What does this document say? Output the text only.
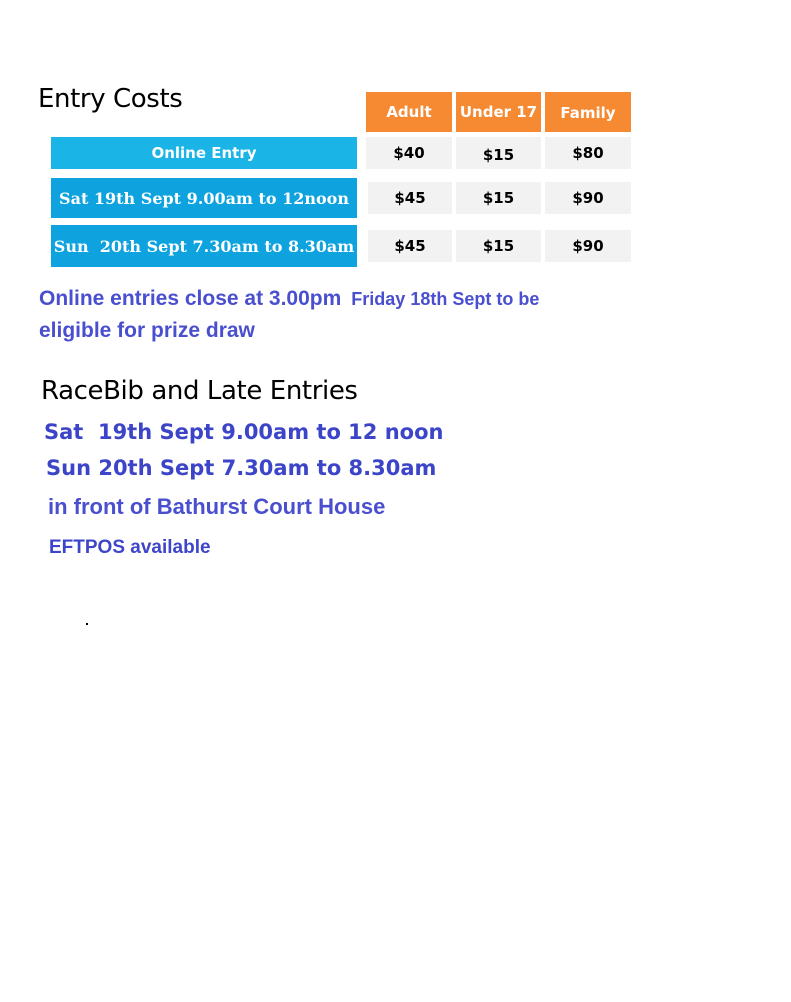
Entry Costs	Adult	Under 17	Family
Online Entry	$40	$15	$80
Sat 19th Sept 9.00am to 12noon	$45	$15	$90
Sun  20th Sept 7.30am to 8.30am	$45	$15	$90
Online entries close at 3.00pm Friday 18th Sept to be
eligible for prize draw
RaceBib and Late Entries
Sat  19th Sept 9.00am to 12 noon
Sun 20th Sept 7.30am to 8.30am
in front of Bathurst Court House
EFTPOS available
